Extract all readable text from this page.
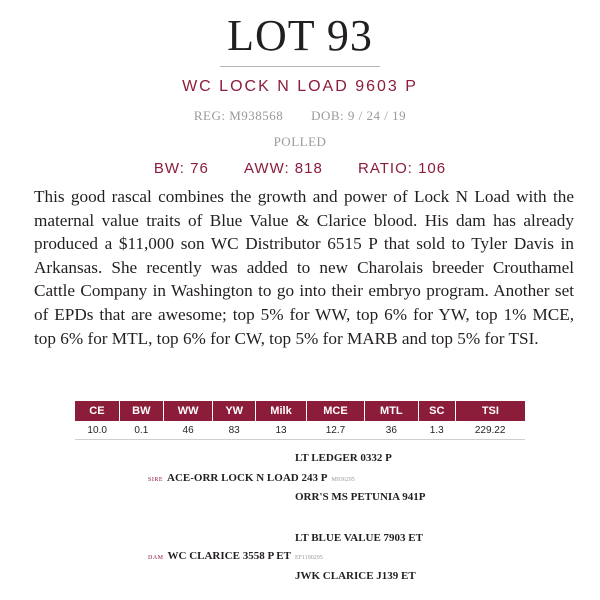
LOT 93
WC LOCK N LOAD 9603 P
REG: M938568 DOB: 9 / 24 / 19
POLLED
BW: 76 AWW: 818 RATIO: 106
This good rascal combines the growth and power of Lock N Load with the maternal value traits of Blue Value & Clarice blood. His dam has already produced a $11,000 son WC Distributor 6515 P that sold to Tyler Davis in Arkansas. She recently was added to new Charolais breeder Crouthamel Cattle Company in Washington to go into their embryo program. Another set of EPDs that are awesome; top 5% for WW, top 6% for YW, top 1% MCE, top 6% for MTL, top 6% for CW, top 5% for MARB and top 5% for TSI.
CE	BW	WW	YW	Milk	MCE	MTL	SC	TSI
10.0	0.1	46	83	13	12.7	36	1.3	229.22
LT LEDGER 0332 P
SIRE ACE-ORR LOCK N LOAD 243 P M936295
ORR'S MS PETUNIA 941P
LT BLUE VALUE 7903 ET
DAM WC CLARICE 3558 P ET EF1190295
JWK CLARICE J139 ET
